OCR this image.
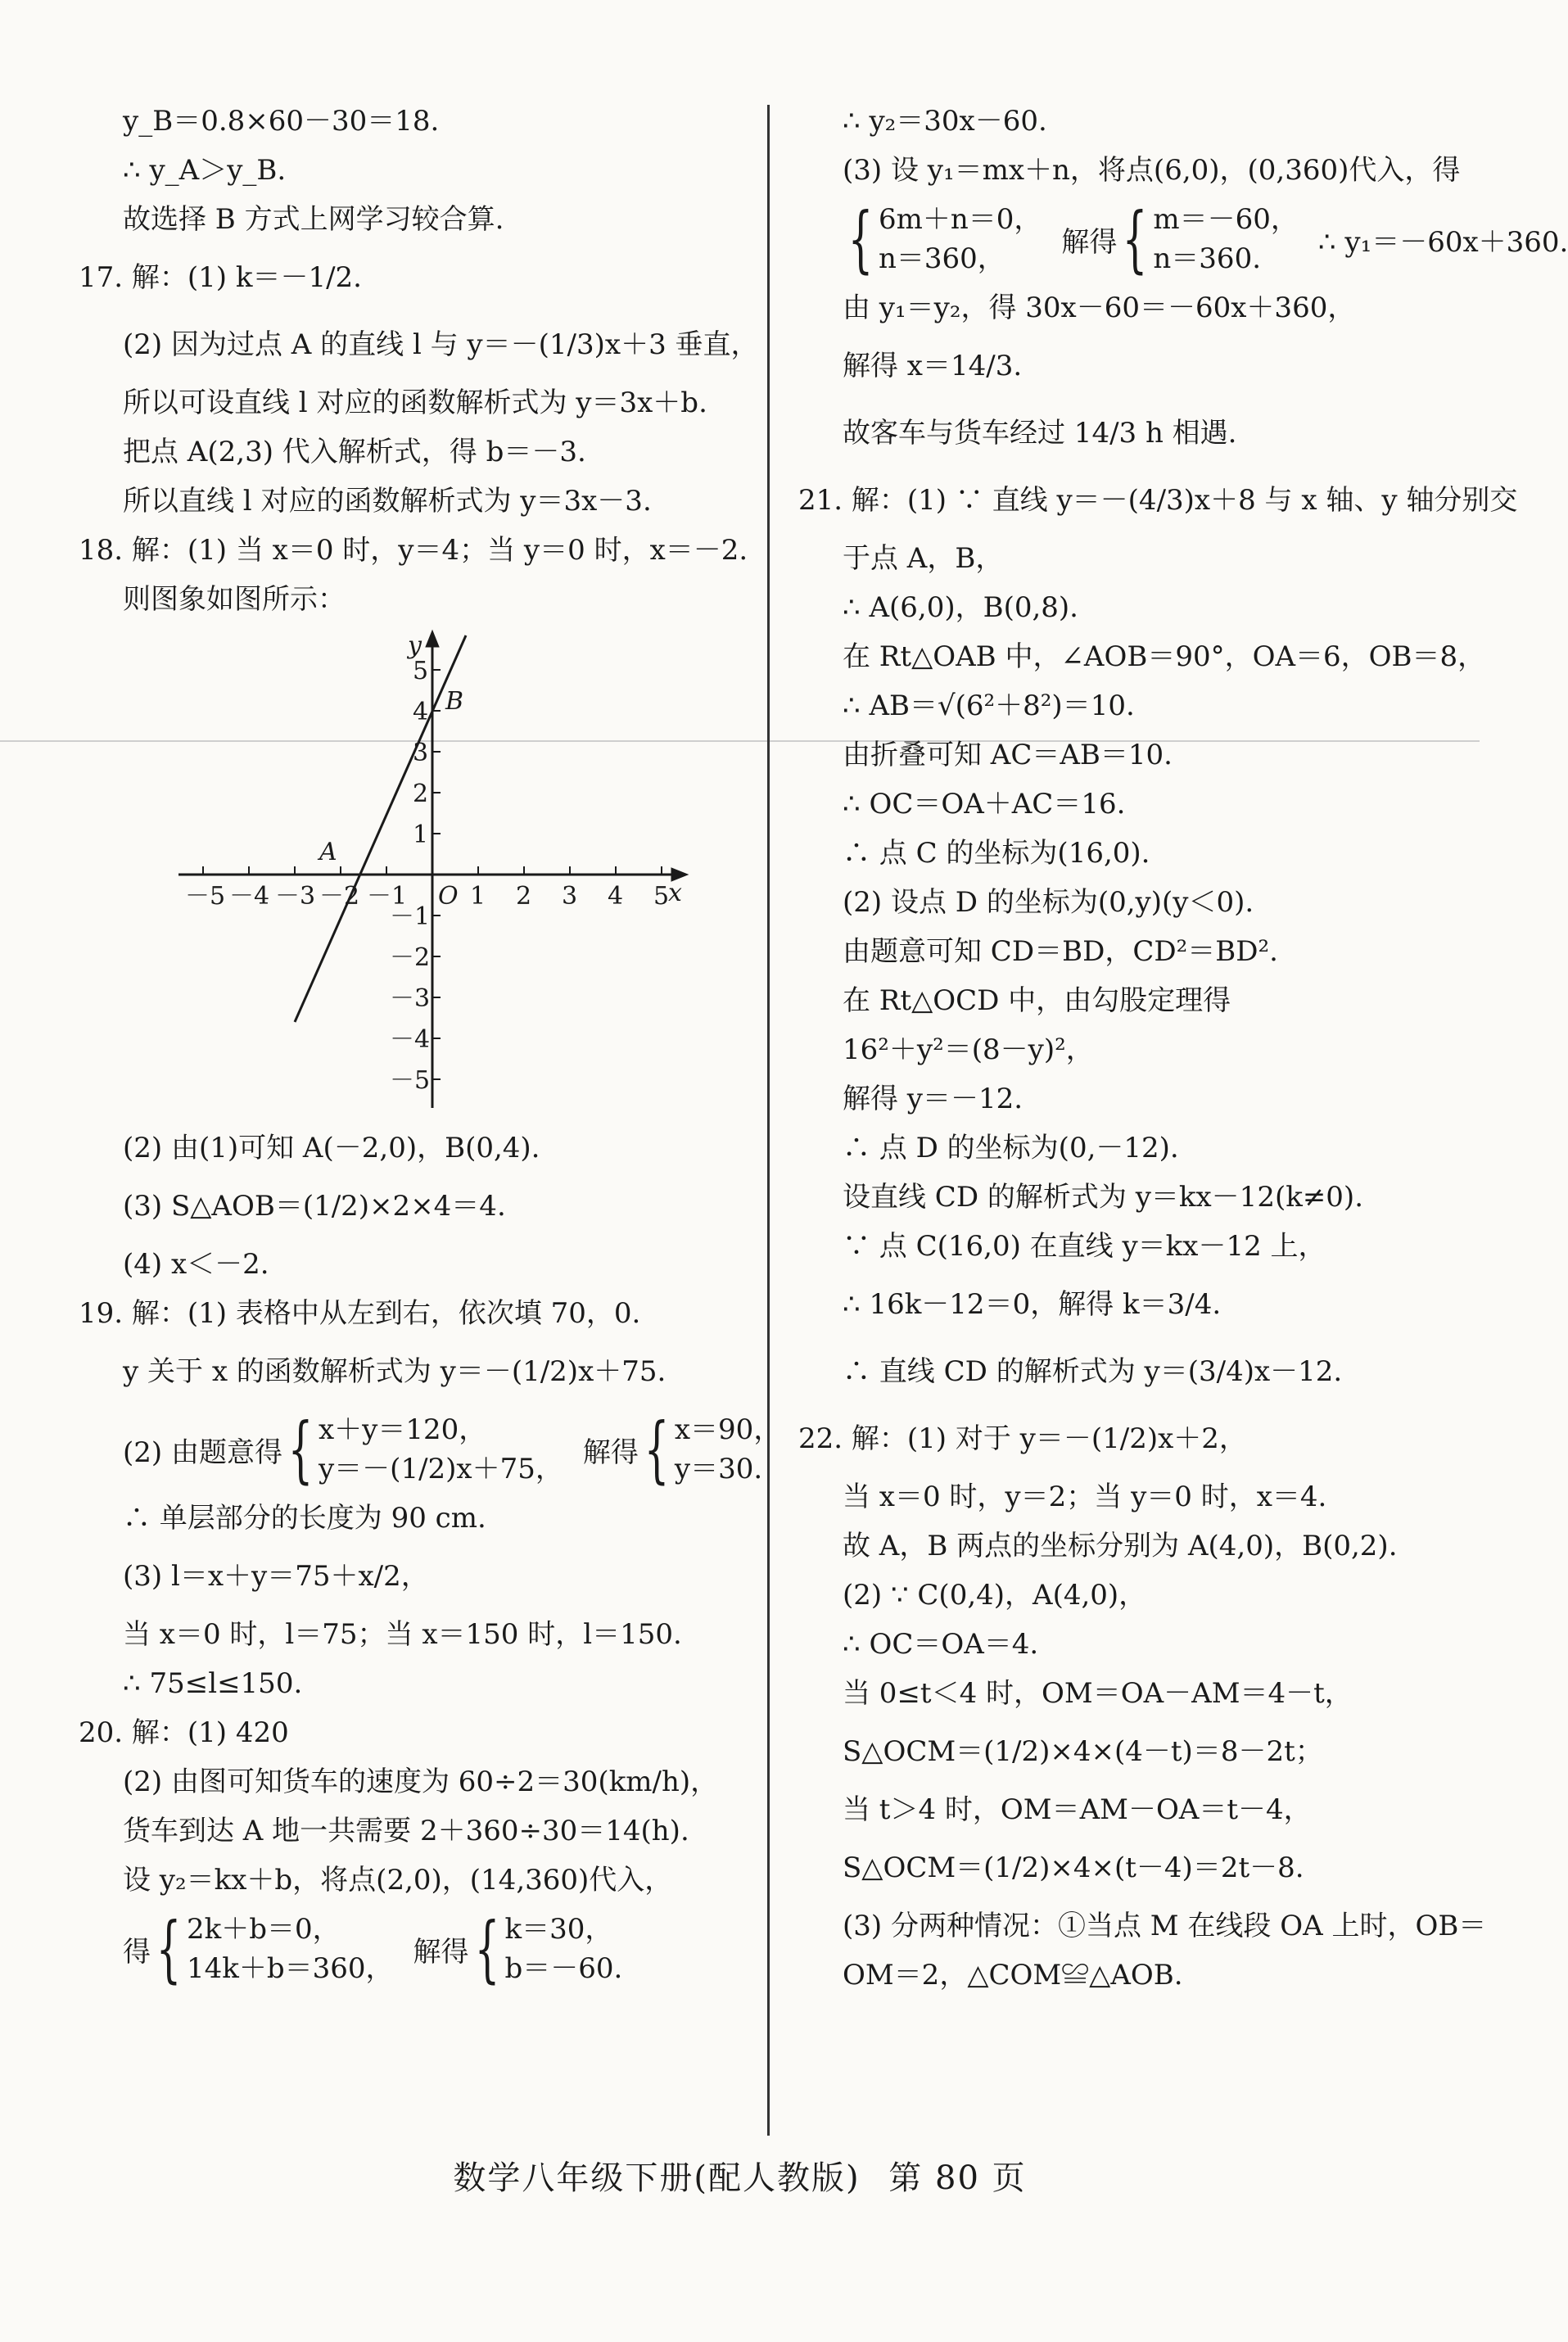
y_B＝0.8×60－30＝18.
∴ y_A＞y_B.
故选择 B 方式上网学习较合算.
17. 解：(1) k＝－1/2.
(2) 因为过点 A 的直线 l 与 y＝－(1/3)x＋3 垂直，
所以可设直线 l 对应的函数解析式为 y＝3x＋b.
把点 A(2,3) 代入解析式，得 b＝－3.
所以直线 l 对应的函数解析式为 y＝3x－3.
18. 解：(1) 当 x＝0 时，y＝4；当 y＝0 时，x＝－2.
则图象如图所示：
－5 －4 －3 －2 －1 O 1 2 3 4 5
x
y
1
2
3
4
5
－1
－2
－3
－4
－5
A
B
(2) 由(1)可知 A(－2,0)，B(0,4).
(3) S△AOB＝(1/2)×2×4＝4.
(4) x＜－2.
19. 解：(1) 表格中从左到右，依次填 70，0.
y 关于 x 的函数解析式为 y＝－(1/2)x＋75.
(2) 由题意得 { x＋y＝120，
y＝－(1/2)x＋75，
解得 { x＝90，
y＝30.
∴ 单层部分的长度为 90 cm.
(3) l＝x＋y＝75＋x/2，
当 x＝0 时，l＝75；当 x＝150 时，l＝150.
∴ 75≤l≤150.
20. 解：(1) 420
(2) 由图可知货车的速度为 60÷2＝30(km/h)，
货车到达 A 地一共需要 2＋360÷30＝14(h).
设 y₂＝kx＋b，将点(2,0)，(14,360)代入，
得 { 2k＋b＝0，
14k＋b＝360，
解得 { k＝30，
b＝－60.
∴ y₂＝30x－60.
(3) 设 y₁＝mx＋n，将点(6,0)，(0,360)代入，得
{ 6m＋n＝0，
n＝360，
解得 { m＝－60，
n＝360.
∴ y₁＝－60x＋360.
由 y₁＝y₂，得 30x－60＝－60x＋360，
解得 x＝14/3.
故客车与货车经过 14/3 h 相遇.
21. 解：(1) ∵ 直线 y＝－(4/3)x＋8 与 x 轴、y 轴分别交
于点 A，B，
∴ A(6,0)，B(0,8).
在 Rt△OAB 中，∠AOB＝90°，OA＝6，OB＝8，
∴ AB＝√(6²＋8²)＝10.
由折叠可知 AC＝AB＝10.
∴ OC＝OA＋AC＝16.
∴ 点 C 的坐标为(16,0).
(2) 设点 D 的坐标为(0,y)(y＜0).
由题意可知 CD＝BD，CD²＝BD².
在 Rt△OCD 中，由勾股定理得
16²＋y²＝(8－y)²，
解得 y＝－12.
∴ 点 D 的坐标为(0,－12).
设直线 CD 的解析式为 y＝kx－12(k≠0).
∵ 点 C(16,0) 在直线 y＝kx－12 上，
∴ 16k－12＝0，解得 k＝3/4.
∴ 直线 CD 的解析式为 y＝(3/4)x－12.
22. 解：(1) 对于 y＝－(1/2)x＋2，
当 x＝0 时，y＝2；当 y＝0 时，x＝4.
故 A，B 两点的坐标分别为 A(4,0)，B(0,2).
(2) ∵ C(0,4)，A(4,0)，
∴ OC＝OA＝4.
当 0≤t＜4 时，OM＝OA－AM＝4－t，
S△OCM＝(1/2)×4×(4－t)＝8－2t；
当 t＞4 时，OM＝AM－OA＝t－4，
S△OCM＝(1/2)×4×(t－4)＝2t－8.
(3) 分两种情况：①当点 M 在线段 OA 上时，OB＝
OM＝2，△COM≌△AOB.
数学八年级下册(配人教版) 第 80 页
